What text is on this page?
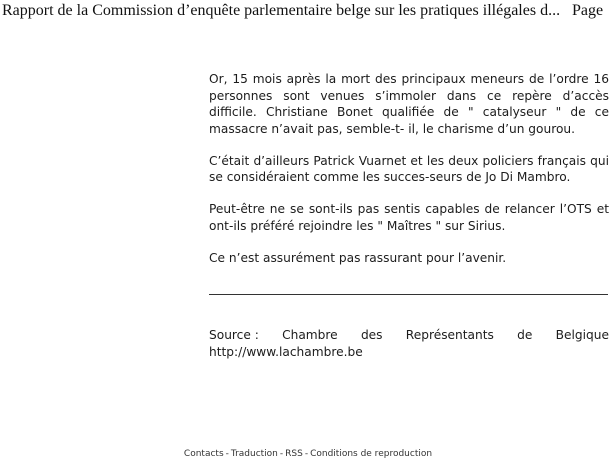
Rapport de la Commission d’enquête parlementaire belge sur les pratiques illégales d... Page

Or, 15 mois après la mort des principaux meneurs de l’ordre 16 personnes sont venues s’immoler dans ce repère d’accès difficile. Christiane Bonet qualifiée de " catalyseur " de ce massacre n’avait pas, semble-t- il, le charisme d’un gourou.

C’était d’ailleurs Patrick Vuarnet et les deux policiers français qui se considéraient comme les succes-seurs de Jo Di Mambro.

Peut-être ne se sont-ils pas sentis capables de relancer l’OTS et ont-ils préféré rejoindre les " Maîtres " sur Sirius.

Ce n’est assurément pas rassurant pour l’avenir.

Source : Chambre des Représentants de Belgique
http://www.lachambre.be
Contacts - Traduction - RSS - Conditions de reproduction
